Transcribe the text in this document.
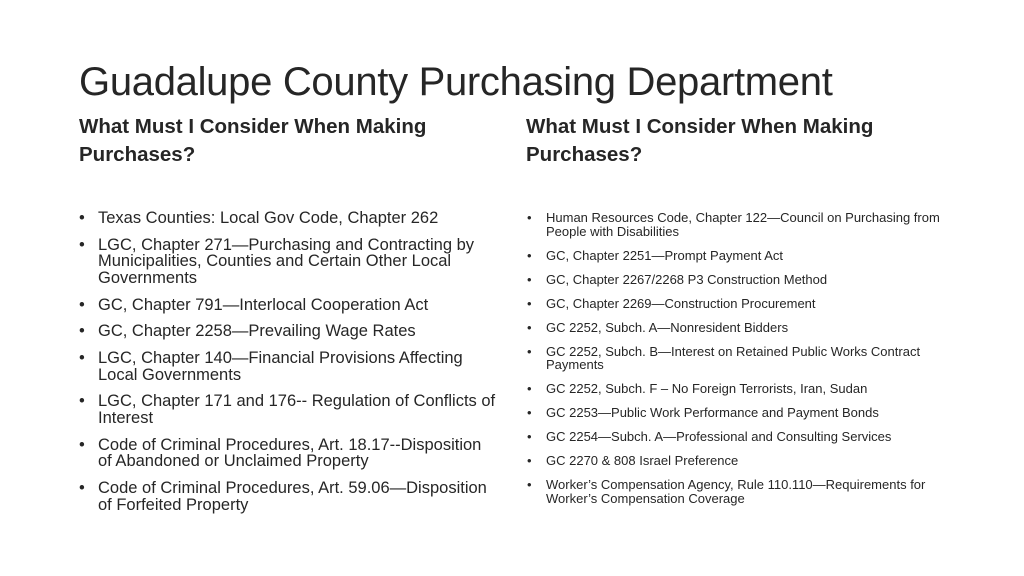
Guadalupe County Purchasing Department
What Must I Consider When Making Purchases?
• Texas Counties: Local Gov Code, Chapter 262
• LGC, Chapter 271—Purchasing and Contracting by Municipalities, Counties and Certain Other Local Governments
• GC, Chapter 791—Interlocal Cooperation Act
• GC, Chapter 2258—Prevailing Wage Rates
• LGC, Chapter 140—Financial Provisions Affecting Local Governments
• LGC, Chapter 171 and 176-- Regulation of Conflicts of Interest
• Code of Criminal Procedures, Art. 18.17--Disposition of Abandoned or Unclaimed Property
• Code of Criminal Procedures, Art. 59.06—Disposition of Forfeited Property
What Must I Consider When Making Purchases?
• Human Resources Code, Chapter 122—Council on Purchasing from People with Disabilities
• GC, Chapter 2251—Prompt Payment Act
• GC, Chapter 2267/2268 P3 Construction Method
• GC, Chapter 2269—Construction Procurement
• GC 2252, Subch. A—Nonresident Bidders
• GC 2252, Subch. B—Interest on Retained Public Works Contract Payments
• GC 2252, Subch. F – No Foreign Terrorists, Iran, Sudan
• GC 2253—Public Work Performance and Payment Bonds
• GC 2254—Subch. A—Professional and Consulting Services
• GC 2270 & 808 Israel Preference
• Worker’s Compensation Agency, Rule 110.110—Requirements for Worker’s Compensation Coverage
